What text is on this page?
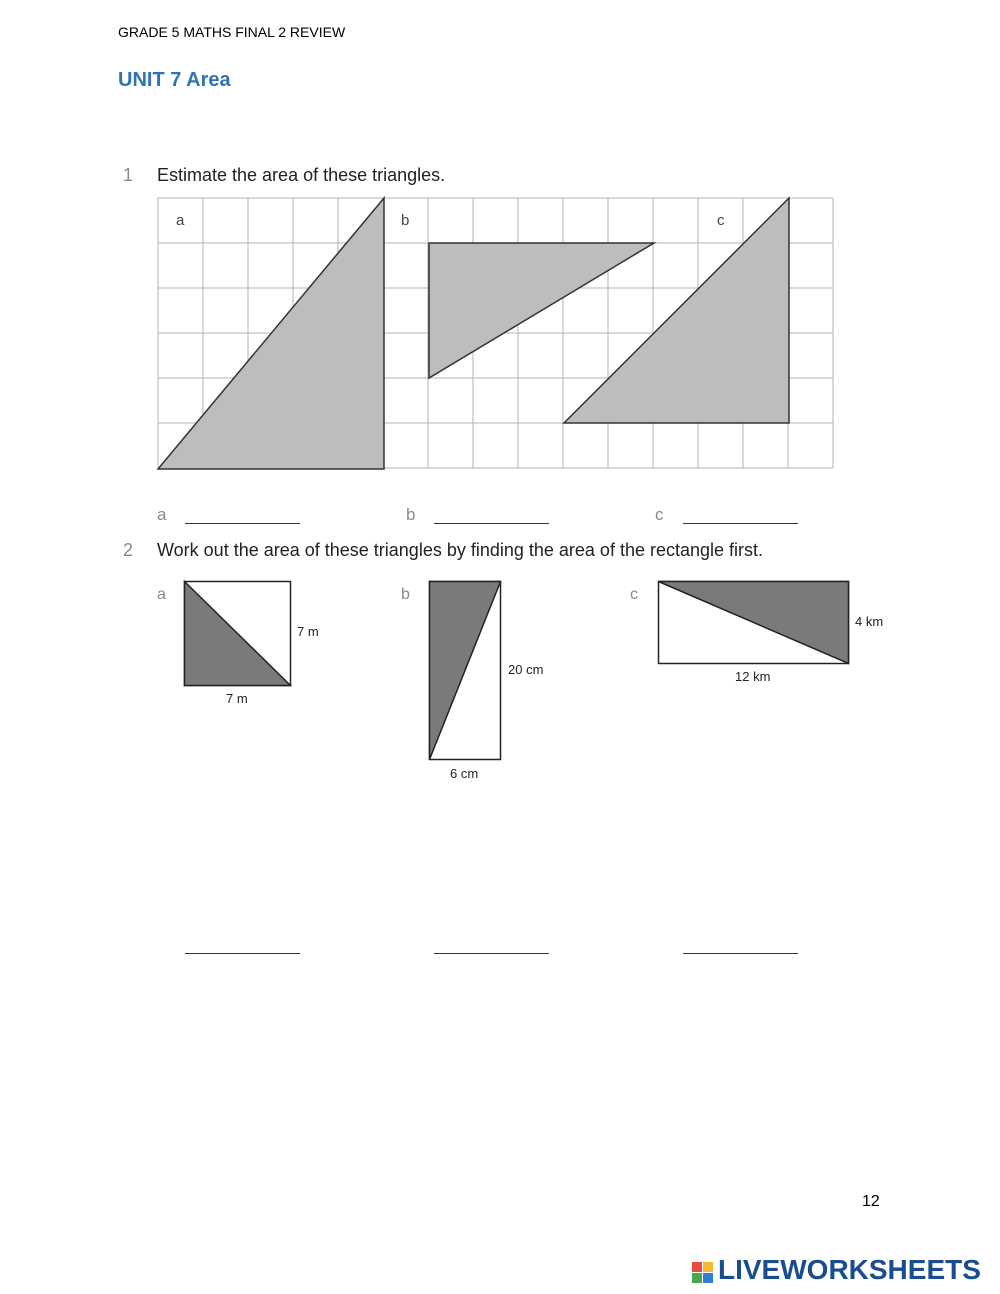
GRADE 5 MATHS FINAL 2 REVIEW
UNIT 7 Area
1 Estimate the area of these triangles.
a	b	c
a	b	c
2 Work out the area of these triangles by finding the area of the rectangle first.
a
7 m
7 m
b
20 cm
6 cm
c
4 km
12 km
12
LIVEWORKSHEETS
